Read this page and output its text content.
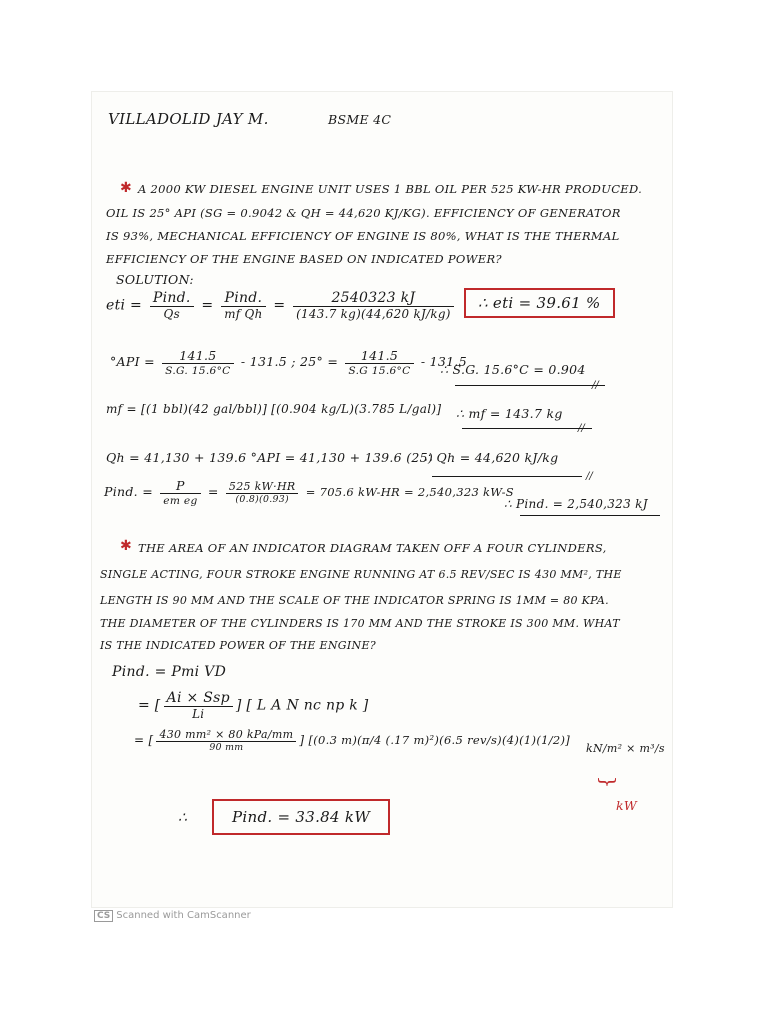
VILLADOLID JAY M.	BSME 4C
✱ A 2000 KW DIESEL ENGINE UNIT USES 1 BBL OIL PER 525 KW-HR PRODUCED.
OIL IS 25° API (SG = 0.9042 & QH = 44,620 KJ/KG). EFFICIENCY OF GENERATOR
IS 93%, MECHANICAL EFFICIENCY OF ENGINE IS 80%, WHAT IS THE THERMAL
EFFICIENCY OF THE ENGINE BASED ON INDICATED POWER?
SOLUTION:
eti = $\frac{\text{Pind.}}{Qs} = \frac{\text{Pind.}}{\text{mf Qh}} = \frac{2540323 kJ}{(143.7 kg)(44,620 kJ/kg)}$	∴ eti = 39.61 %
$^\circ API = \frac{141.5}{S.G. 15.6^\circ C} - 131.5$ ; $25^\circ = \frac{141.5}{S.G 15.6^\circ C} - 131.5$
∴ S.G. 15.6°C = 0.904
//
mf = [(1 bbl)(42 gal/bbl)] [(0.904 kg/L)(3.785 L/gal)] ∴ mf = 143.7 kg
//
Qh = 41,130 + 139.6 °API = 41,130 + 139.6 (25)
∴ Qh = 44,620 kJ/kg
//
Pind. = $\frac{P}{\text{em eg}} = \frac{525 kW\cdot HR}{(0.8)(0.93)} = 705.6$ kW-HR = 2,540,323 kW-S
∴ Pind. = 2,540,323 kJ
✱ THE AREA OF AN INDICATOR DIAGRAM TAKEN OFF A FOUR CYLINDERS,
SINGLE ACTING, FOUR STROKE ENGINE RUNNING AT 6.5 REV/SEC IS 430 MM², THE
LENGTH IS 90 MM AND THE SCALE OF THE INDICATOR SPRING IS 1MM = 80 KPA.
THE DIAMETER OF THE CYLINDERS IS 170 MM AND THE STROKE IS 300 MM. WHAT
IS THE INDICATED POWER OF THE ENGINE?
Pind. = Pmi VD
= [ $\frac{\text{Ai × Ssp}}{Li}$ ] [ L A N nc np k ]
= [ $\frac{\text{430 mm² × 80 kPa/mm}}{90 mm}$ ] [(0.3 m)(π/4 (.17 m)²)(6.5 rev/s)(4)(1)(1/2)]
kN/m² × m³/s
}
kW
∴	Pind. = 33.84 kW
CS Scanned with CamScanner
